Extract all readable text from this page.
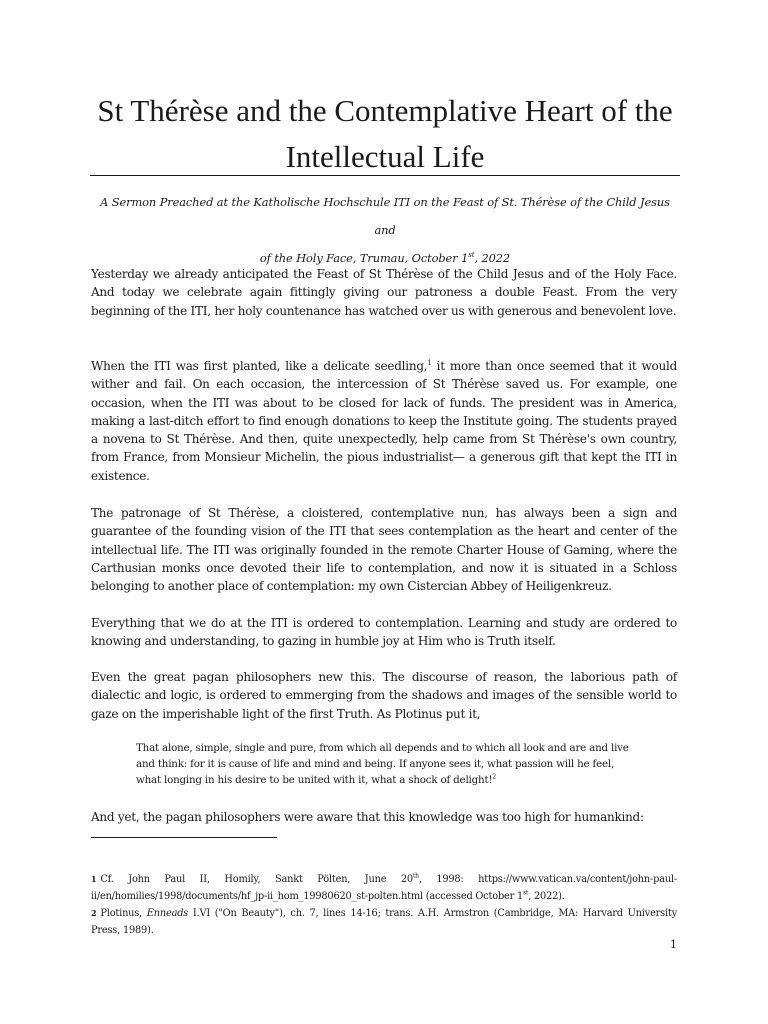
St Thérèse and the Contemplative Heart of the Intellectual Life

A Sermon Preached at the Katholische Hochschule ITI on the Feast of St. Thérèse of the Child Jesus and
of the Holy Face, Trumau, October 1st, 2022

Yesterday we already anticipated the Feast of St Thérèse of the Child Jesus and of the Holy Face. And today we celebrate again fittingly giving our patroness a double Feast. From the very beginning of the ITI, her holy countenance has watched over us with generous and benevolent love.

When the ITI was first planted, like a delicate seedling,$^1$ it more than once seemed that it would wither and fail. On each occasion, the intercession of St Thérèse saved us. For example, one occasion, when the ITI was about to be closed for lack of funds. The president was in America, making a last-ditch effort to find enough donations to keep the Institute going. The students prayed a novena to St Thérèse. And then, quite unexpectedly, help came from St Thérèse's own country, from France, from Monsieur Michelin, the pious industrialist— a generous gift that kept the ITI in existence.

The patronage of St Thérèse, a cloistered, contemplative nun, has always been a sign and guarantee of the founding vision of the ITI that sees contemplation as the heart and center of the intellectual life. The ITI was originally founded in the remote Charter House of Gaming, where the Carthusian monks once devoted their life to contemplation, and now it is situated in a Schloss belonging to another place of contemplation: my own Cistercian Abbey of Heiligenkreuz.

Everything that we do at the ITI is ordered to contemplation. Learning and study are ordered to knowing and understanding, to gazing in humble joy at Him who is Truth itself.

Even the great pagan philosophers new this. The discourse of reason, the laborious path of dialectic and logic, is ordered to emmerging from the shadows and images of the sensible world to gaze on the imperishable light of the first Truth. As Plotinus put it,

That alone, simple, single and pure, from which all depends and to which all look and are and live and think: for it is cause of life and mind and being. If anyone sees it, what passion will he feel, what longing in his desire to be united with it, what a shock of delight!$^2$

And yet, the pagan philosophers were aware that this knowledge was too high for humankind:

1 Cf. John Paul II, Homily, Sankt Pölten, June 20th, 1998: https://www.vatican.va/content/john-paul-ii/en/homilies/1998/documents/hf_jp-ii_hom_19980620_st-polten.html (accessed October 1st, 2022).

2 Plotinus, Enneads I.VI ("On Beauty"), ch. 7, lines 14-16; trans. A.H. Armstron (Cambridge, MA: Harvard University Press, 1989).

1
